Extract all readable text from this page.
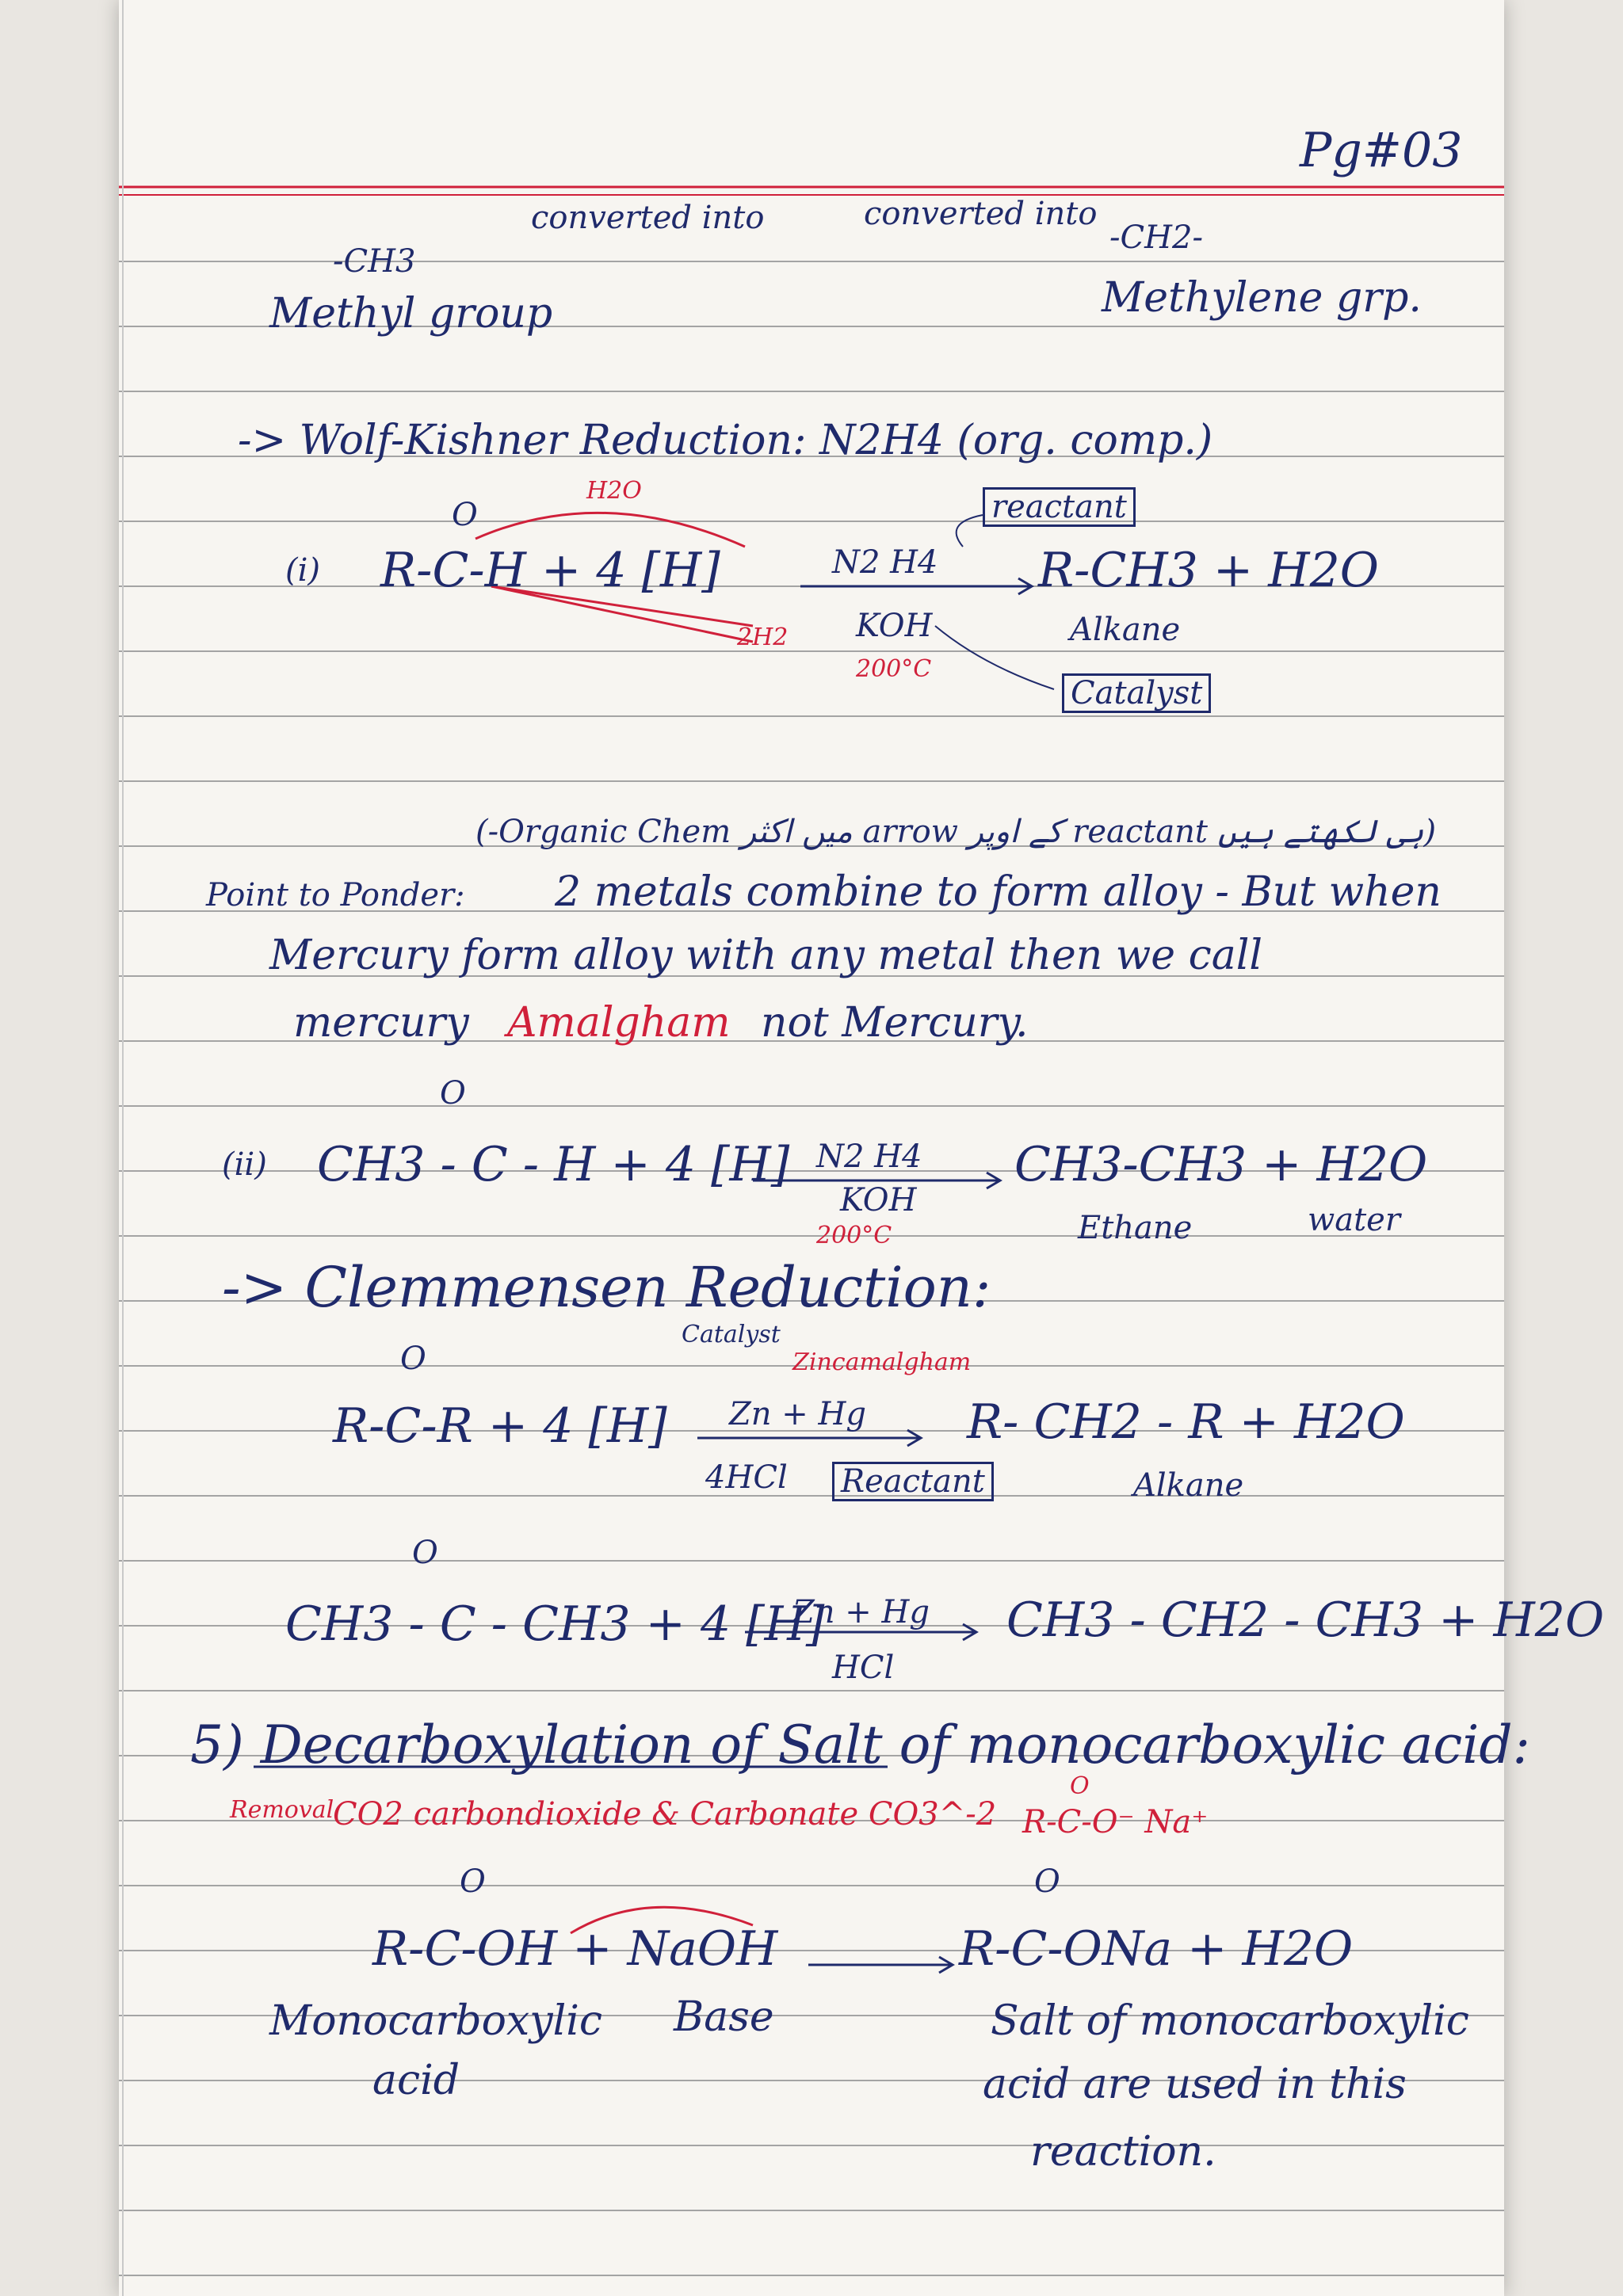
Pg#03
-CH3
Methyl group
converted into	converted into
-CH2-
Methylene grp.
-> Wolf-Kishner Reduction: N2H4 (org. comp.)
H2O
O
(i) R-C-H + 4 [H]	N2 H4
KOH
200°C
2H2
R-CH3 + H2O
Alkane
reactant
Catalyst
(-Organic Chem میں اکثر arrow کے اوپر reactant ہی لکھتے ہیں)
Point to Ponder: 2 metals combine to form alloy - But when
Mercury form alloy with any metal then we call
mercury Amalgham not Mercury.
O
(ii) CH3 - C - H + 4 [H] N2 H4
KOH
200°C
CH3-CH3 + H2O
Ethane	water
-> Clemmensen Reduction:
Catalyst
Zincamalgham
O
R-C-R + 4 [H] Zn + Hg
4HCl Reactant
R- CH2 - R + H2O
Alkane
O
CH3 - C - CH3 + 4 [H]
Zn + Hg
HCl
CH3 - CH2 - CH3 + H2O
5) Decarboxylation of Salt of monocarboxylic acid:
Removal
CO2 carbondioxide & Carbonate CO3^-2
O
R-C-O⁻ Na⁺
O	O
R-C-OH + NaOH	R-C-ONa + H2O
Monocarboxylic
acid
Base	Salt of monocarboxylic
acid are used in this
reaction.
